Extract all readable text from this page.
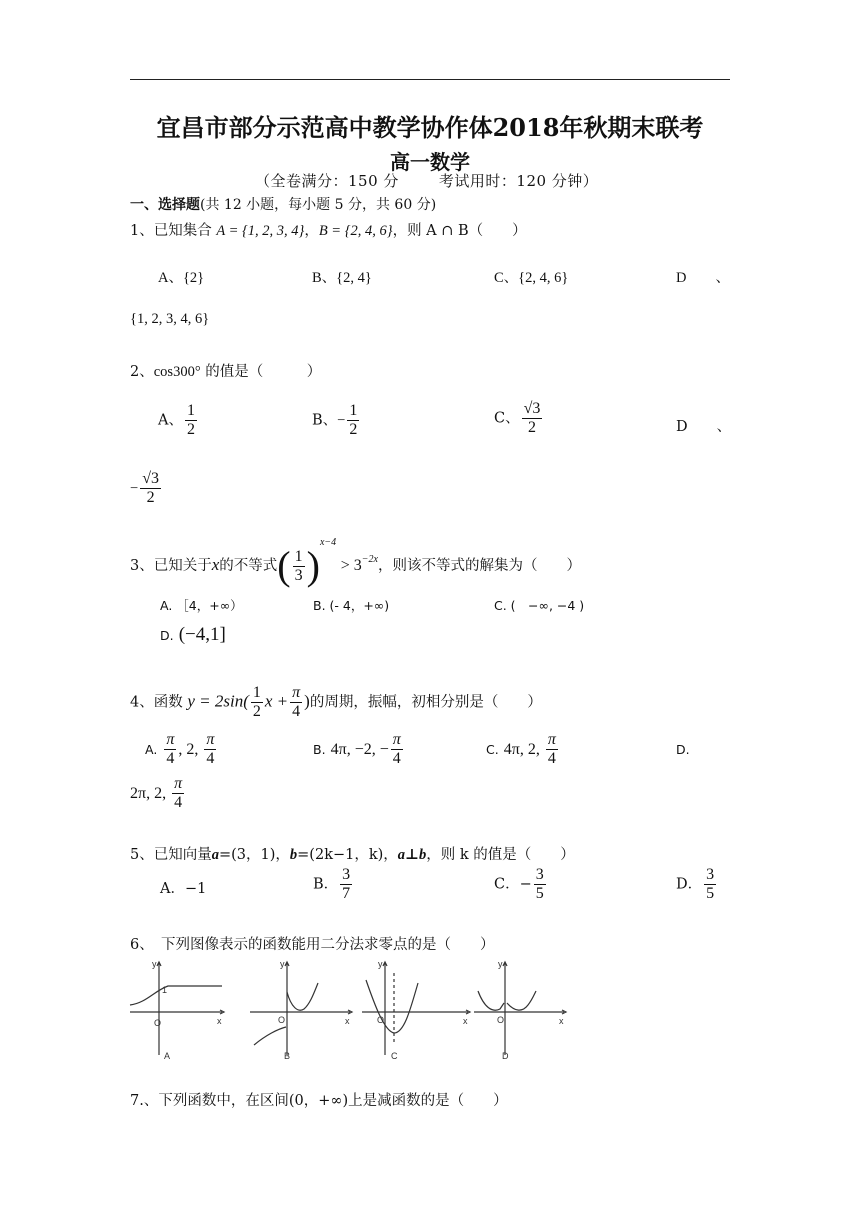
宜昌市部分示范高中教学协作体2018年秋期末联考
高一数学
（全卷满分：150 分	考试用时：120 分钟）
一、选择题(共 12 小题，每小题 5 分，共 60 分)
1、已知集合 A = {1, 2, 3, 4}，B = {2, 4, 6}，则 A ∩ B（　　）
A、{2}	B、{2, 4}	C、{2, 4, 6}	D　　、
{1, 2, 3, 4, 6}
2、cos300° 的值是（　　　）
A、 $\frac{1}{2}$	B、− $\frac{1}{2}$	C、 $\frac{√3}{2}$	D　　、
− $\frac{√3}{2}$
3、已知关于x的不等式( $\frac{1}{3} )^{x-4} > 3^{-2x}$，则该不等式的解集为（　　）
A. ［4，+∞）	B. (- 4，+∞)	C. (　−∞, −4 )
D. (−4,1]
4、函数 $y = 2\sin( \frac{1}{2}$ $x + \frac{\pi}{4}$ )的周期，振幅，初相分别是（　　）
A. $\frac{\pi}{4}$ , 2, $\frac{\pi}{4}$	B. 4π, −2, − $\frac{\pi}{4}$	C. 4π, 2, $\frac{\pi}{4}$	D.
2π, 2, $\frac{\pi}{4}$
5、已知向量a=(3，1)，b=(2k−1，k)，a⊥b，则 k 的值是（　　）
A．−1	B． $\frac{3}{7}$	C．− $\frac{3}{5}$	D． $\frac{3}{5}$
6、　下列图像表示的函数能用二分法求零点的是（　　）
y
x
O
1
A
y
x
O
B
y
x
O
C
y
x
O
D
7.、下列函数中，在区间(0，+∞)上是减函数的是（　　）
